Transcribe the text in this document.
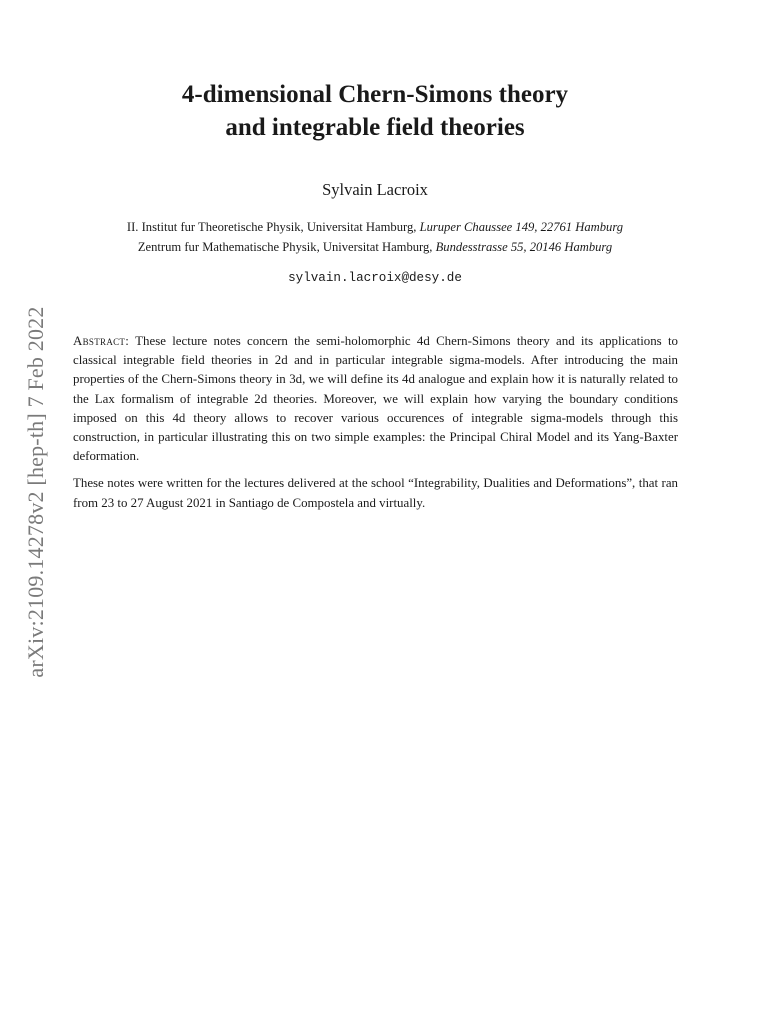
arXiv:2109.14278v2 [hep-th] 7 Feb 2022
4-dimensional Chern-Simons theory
and integrable field theories
Sylvain Lacroix
II. Institut fur Theoretische Physik, Universitat Hamburg, Luruper Chaussee 149, 22761 Hamburg
Zentrum fur Mathematische Physik, Universitat Hamburg, Bundesstrasse 55, 20146 Hamburg
sylvain.lacroix@desy.de

Abstract: These lecture notes concern the semi-holomorphic 4d Chern-Simons theory and its applications to classical integrable field theories in 2d and in particular integrable sigma-models. After introducing the main properties of the Chern-Simons theory in 3d, we will define its 4d analogue and explain how it is naturally related to the Lax formalism of integrable 2d theories. Moreover, we will explain how varying the boundary conditions imposed on this 4d theory allows to recover various occurences of integrable sigma-models through this construction, in particular illustrating this on two simple examples: the Principal Chiral Model and its Yang-Baxter deformation.

These notes were written for the lectures delivered at the school “Integrability, Dualities and Deformations”, that ran from 23 to 27 August 2021 in Santiago de Compostela and virtually.
